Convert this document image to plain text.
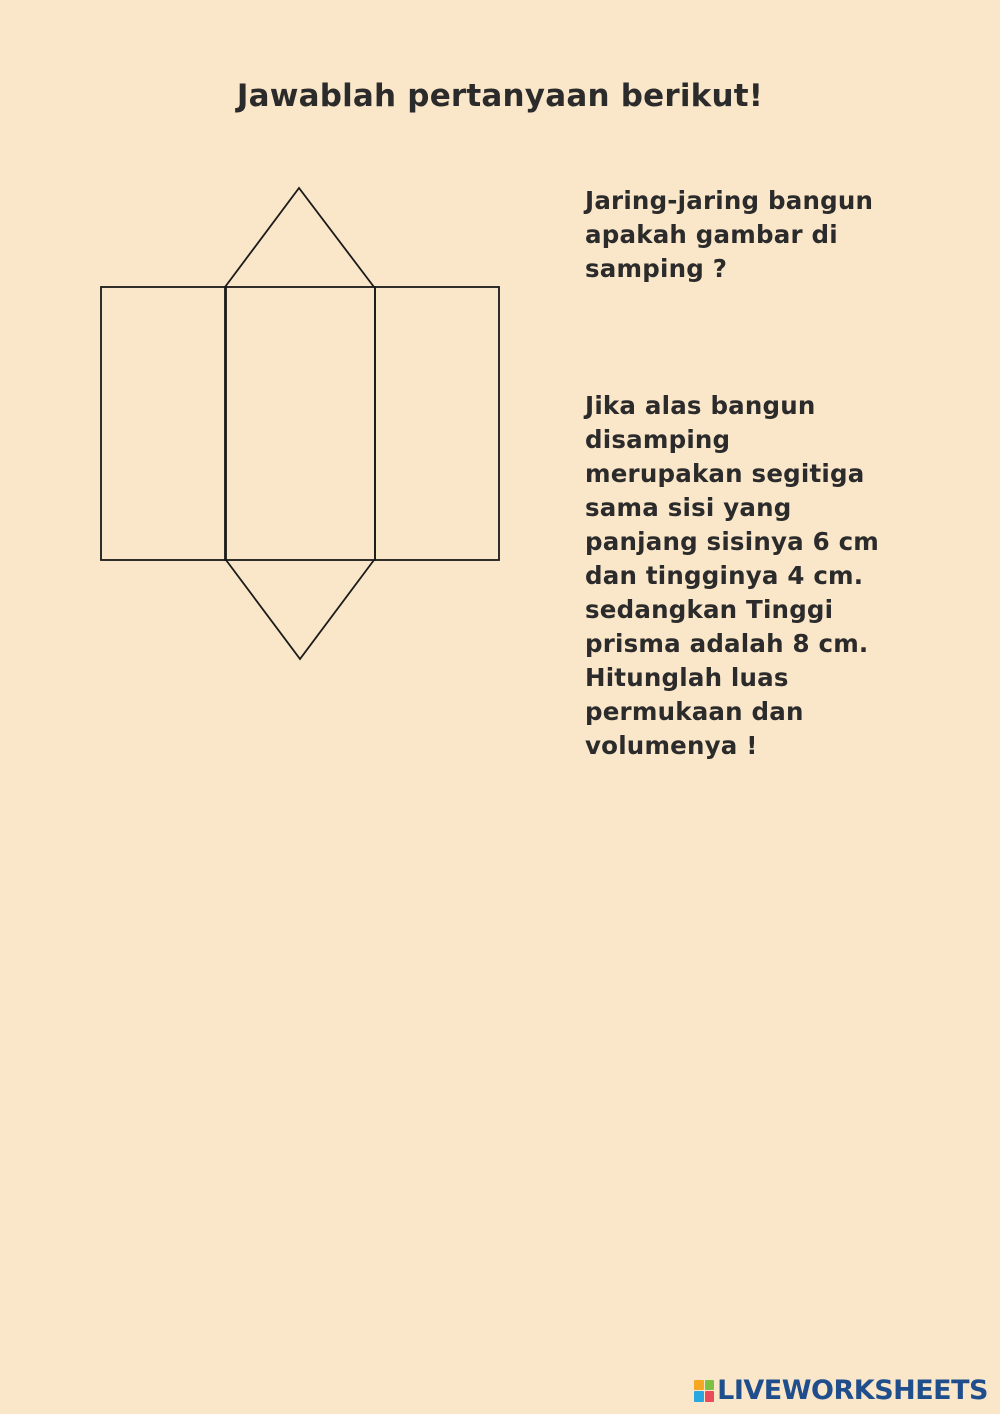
Jawablah pertanyaan berikut!

Jaring-jaring bangun
apakah gambar di
samping ?

Jika alas bangun
disamping
merupakan segitiga
sama sisi yang
panjang sisinya 6 cm
dan tingginya 4 cm.
sedangkan Tinggi
prisma adalah 8 cm.
Hitunglah luas
permukaan dan
volumenya !

LIVEWORKSHEETS
